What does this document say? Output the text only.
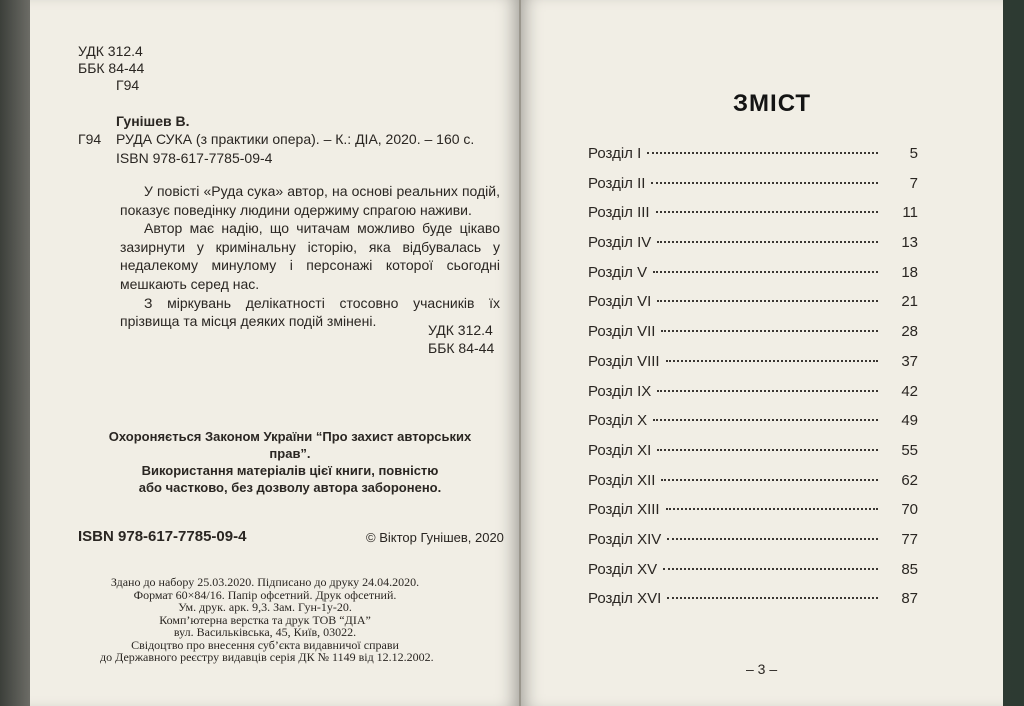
УДК 312.4

ББК 84-44

Г94

Гунішев В.

Г94 РУДА СУКА (з практики опера). – К.: ДІА, 2020. – 160 с.

ISBN 978-617-7785-09-4

У повісті «Руда сука» автор, на основі реальних подій, показує поведінку людини одержиму спрагою наживи.

Автор має надію, що читачам можливо буде цікаво зазирнути у кримінальну історію, яка відбувалась у недалекому минулому і персонажі которої сьогодні мешкають серед нас.

З міркувань делікатності стосовно учасників їх прізвища та місця деяких подій змінені.

УДК 312.4

ББК 84-44

Охороняється Законом України “Про захист авторських прав”.
Використання матеріалів цієї книги, повністю
або частково, без дозволу автора заборонено.

ISBN 978-617-7785-09-4	© Віктор Гунішев, 2020

Здано до набору 25.03.2020. Підписано до друку 24.04.2020.
Формат 60×84/16. Папір офсетний. Друк офсетний.
Ум. друк. арк. 9,3. Зам. Гун-1у-20.
Комп’ютерна верстка та друк ТОВ “ДІА”
вул. Васильківська, 45, Київ, 03022.
Свідоцтво про внесення суб’єкта видавничої справи
до Державного реєстру видавців серія ДК № 1149 від 12.12.2002.

ЗМІСТ

Розділ I	5
Розділ II	7
Розділ III	11
Розділ IV	13
Розділ V	18
Розділ VI	21
Розділ VII	28
Розділ VIII	37
Розділ IX	42
Розділ X	49
Розділ XI	55
Розділ XII	62
Розділ XIII	70
Розділ XIV	77
Розділ XV	85
Розділ XVI	87

– 3 –
